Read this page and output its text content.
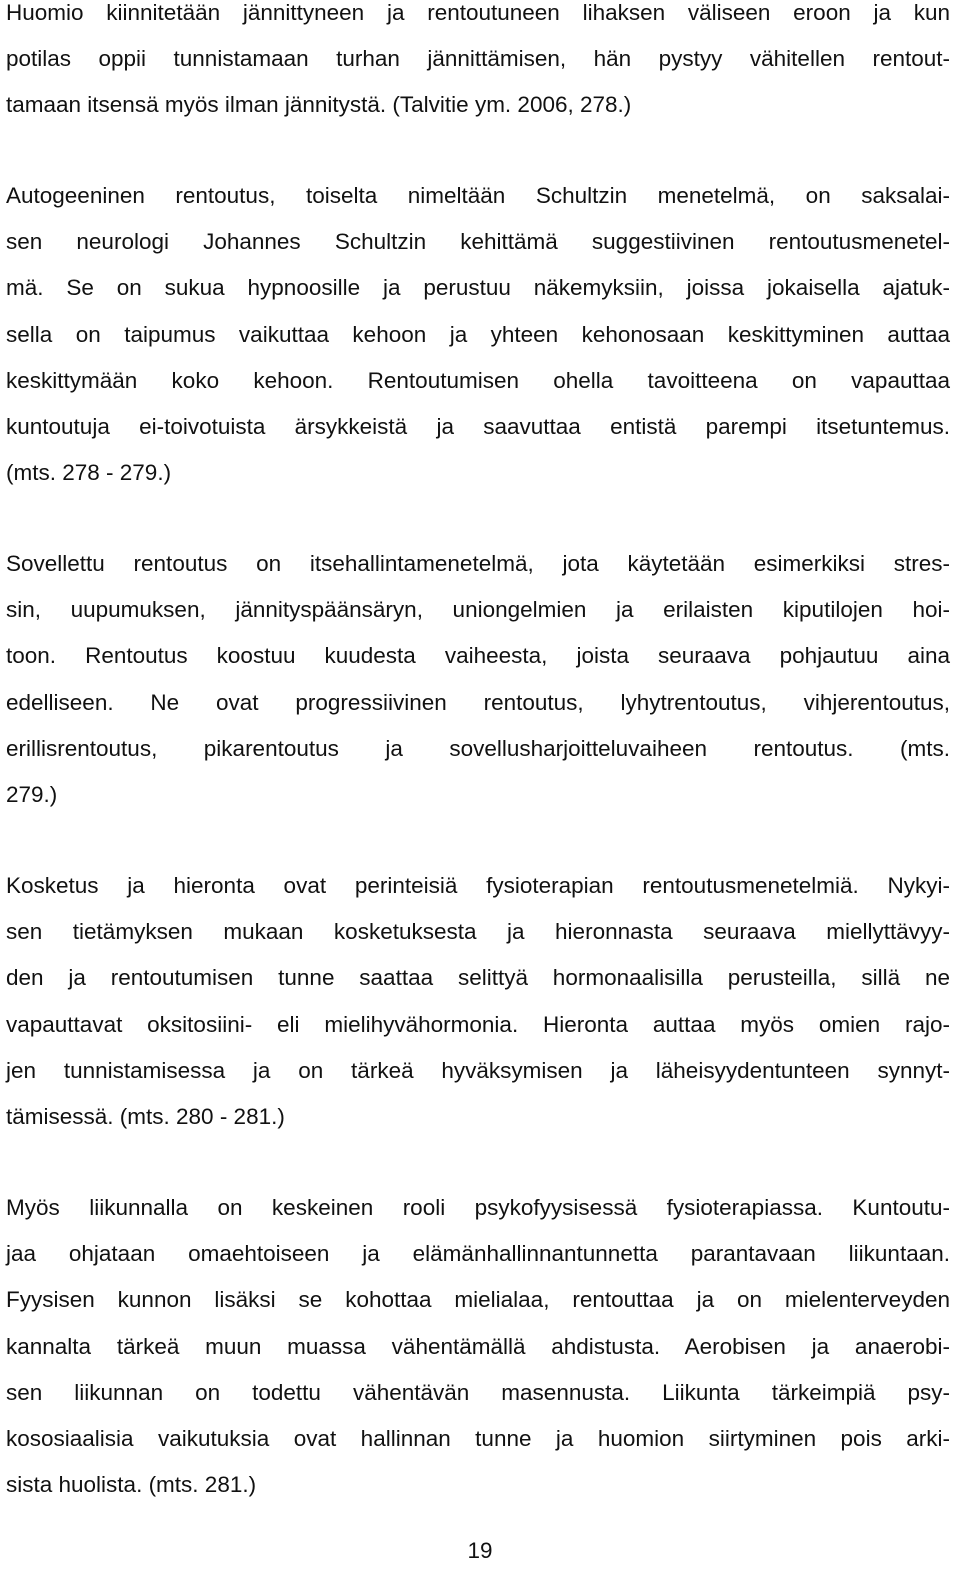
Huomio kiinnitetään jännittyneen ja rentoutuneen lihaksen väliseen eroon ja kun
potilas oppii tunnistamaan turhan jännittämisen, hän pystyy vähitellen rentout-
tamaan itsensä myös ilman jännitystä. (Talvitie ym. 2006, 278.)
Autogeeninen rentoutus, toiselta nimeltään Schultzin menetelmä, on saksalai-
sen neurologi Johannes Schultzin kehittämä suggestiivinen rentoutusmenetel-
mä. Se on sukua hypnoosille ja perustuu näkemyksiin, joissa jokaisella ajatuk-
sella on taipumus vaikuttaa kehoon ja yhteen kehonosaan keskittyminen auttaa
keskittymään koko kehoon. Rentoutumisen ohella tavoitteena on vapauttaa
kuntoutuja ei-toivotuista ärsykkeistä ja saavuttaa entistä parempi itsetuntemus.
(mts. 278 - 279.)
Sovellettu rentoutus on itsehallintamenetelmä, jota käytetään esimerkiksi stres-
sin, uupumuksen, jännityspäänsäryn, uniongelmien ja erilaisten kiputilojen hoi-
toon. Rentoutus koostuu kuudesta vaiheesta, joista seuraava pohjautuu aina
edelliseen. Ne ovat progressiivinen rentoutus, lyhytrentoutus, vihjerentoutus,
erillisrentoutus, pikarentoutus ja sovellusharjoitteluvaiheen rentoutus. (mts.
279.)
Kosketus ja hieronta ovat perinteisiä fysioterapian rentoutusmenetelmiä. Nykyi-
sen tietämyksen mukaan kosketuksesta ja hieronnasta seuraava miellyttävyy-
den ja rentoutumisen tunne saattaa selittyä hormonaalisilla perusteilla, sillä ne
vapauttavat oksitosiini- eli mielihyvähormonia. Hieronta auttaa myös omien rajo-
jen tunnistamisessa ja on tärkeä hyväksymisen ja läheisyydentunteen synnyt-
tämisessä. (mts. 280 - 281.)
Myös liikunnalla on keskeinen rooli psykofyysisessä fysioterapiassa. Kuntoutu-
jaa ohjataan omaehtoiseen ja elämänhallinnantunnetta parantavaan liikuntaan.
Fyysisen kunnon lisäksi se kohottaa mielialaa, rentouttaa ja on mielenterveyden
kannalta tärkeä muun muassa vähentämällä ahdistusta. Aerobisen ja anaerobi-
sen liikunnan on todettu vähentävän masennusta. Liikunta tärkeimpiä psy-
kososiaalisia vaikutuksia ovat hallinnan tunne ja huomion siirtyminen pois arki-
sista huolista. (mts. 281.)
19
